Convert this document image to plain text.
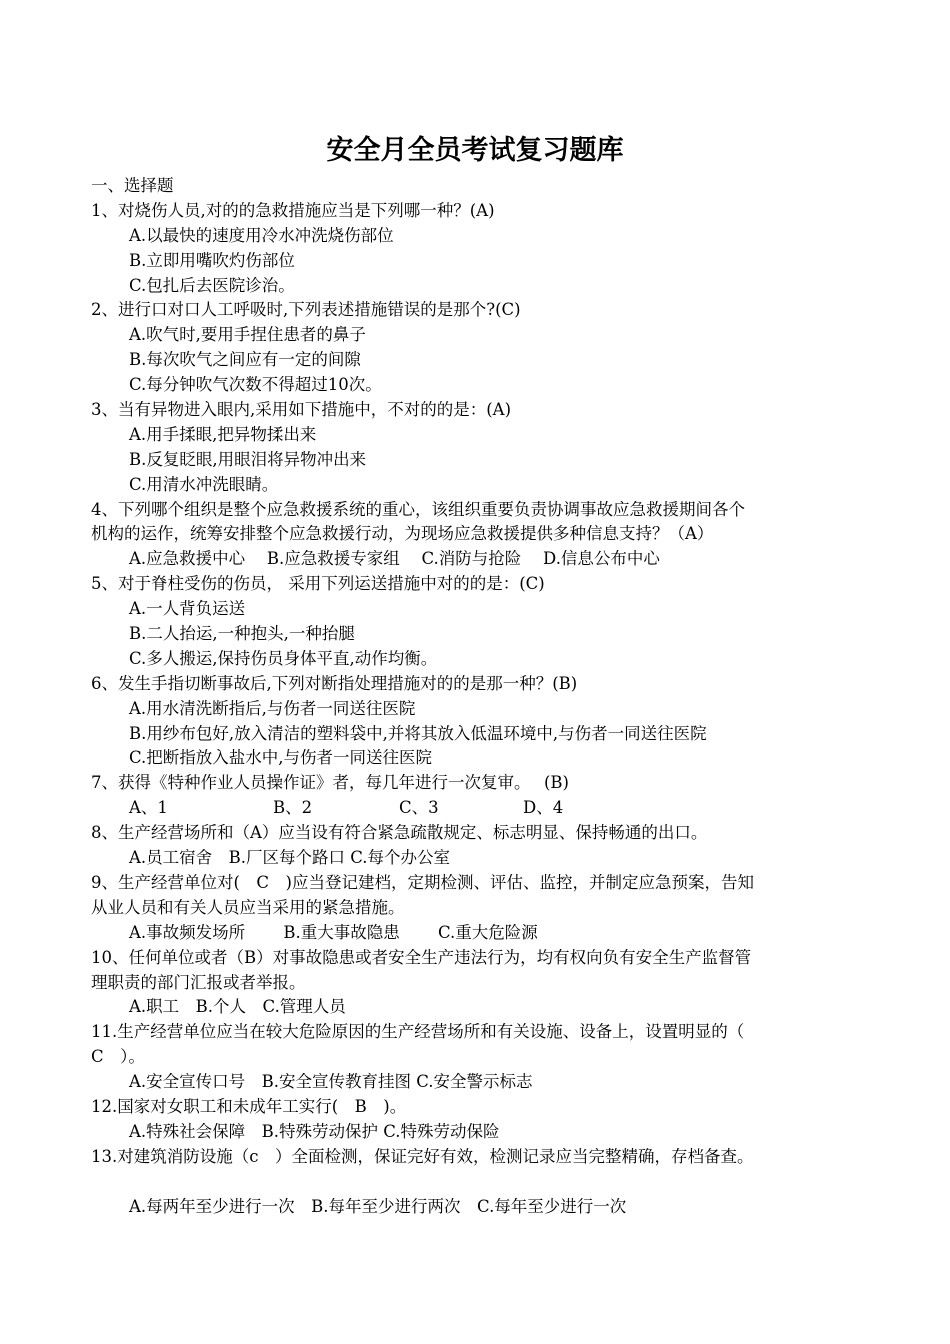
安全月全员考试复习题库
一、选择题
1、对烧伤人员,对的的急救措施应当是下列哪一种？(A)
A.以最快的速度用冷水冲洗烧伤部位
B.立即用嘴吹灼伤部位
C.包扎后去医院诊治。
2、进行口对口人工呼吸时,下列表述措施错误的是那个?(C)
A.吹气时,要用手捏住患者的鼻子
B.每次吹气之间应有一定的间隙
C.每分钟吹气次数不得超过10次。
3、当有异物进入眼内,采用如下措施中，不对的的是：(A)
A.用手揉眼,把异物揉出来
B.反复眨眼,用眼泪将异物冲出来
C.用清水冲洗眼睛。
4、下列哪个组织是整个应急救援系统的重心，该组织重要负责协调事故应急救援期间各个
机构的运作，统筹安排整个应急救援行动，为现场应急救援提供多种信息支持？（A）
A.应急救援中心　 B.应急救援专家组　 C.消防与抢险　 D.信息公布中心
5、对于脊柱受伤的伤员， 采用下列运送措施中对的的是：(C)
A.一人背负运送
B.二人抬运,一种抱头,一种抬腿
C.多人搬运,保持伤员身体平直,动作均衡。
6、发生手指切断事故后,下列对断指处理措施对的的是那一种？(B)
A.用水清洗断指后,与伤者一同送往医院
B.用纱布包好,放入清洁的塑料袋中,并将其放入低温环境中,与伤者一同送往医院
C.把断指放入盐水中,与伤者一同送往医院
7、获得《特种作业人员操作证》者，每几年进行一次复审。　 (B)
A、1	B、2	C、3	D、4
8、生产经营场所和（A）应当设有符合紧急疏散规定、标志明显、保持畅通的出口。
A.员工宿舍　B.厂区每个路口 C.每个办公室
9、生产经营单位对(　C　)应当登记建档，定期检测、评估、监控，并制定应急预案，告知
从业人员和有关人员应当采用的紧急措施。
A.事故频发场所　　 B.重大事故隐患　　 C.重大危险源
10、任何单位或者（B）对事故隐患或者安全生产违法行为，均有权向负有安全生产监督管
理职责的部门汇报或者举报。
A.职工　B.个人　C.管理人员
11.生产经营单位应当在较大危险原因的生产经营场所和有关设施、设备上，设置明显的（
C　）。
A.安全宣传口号　B.安全宣传教育挂图 C.安全警示标志
12.国家对女职工和未成年工实行(　B　)。
A.特殊社会保障　B.特殊劳动保护 C.特殊劳动保险
13.对建筑消防设施（c　）全面检测，保证完好有效，检测记录应当完整精确，存档备查。
A.每两年至少进行一次　B.每年至少进行两次　C.每年至少进行一次
